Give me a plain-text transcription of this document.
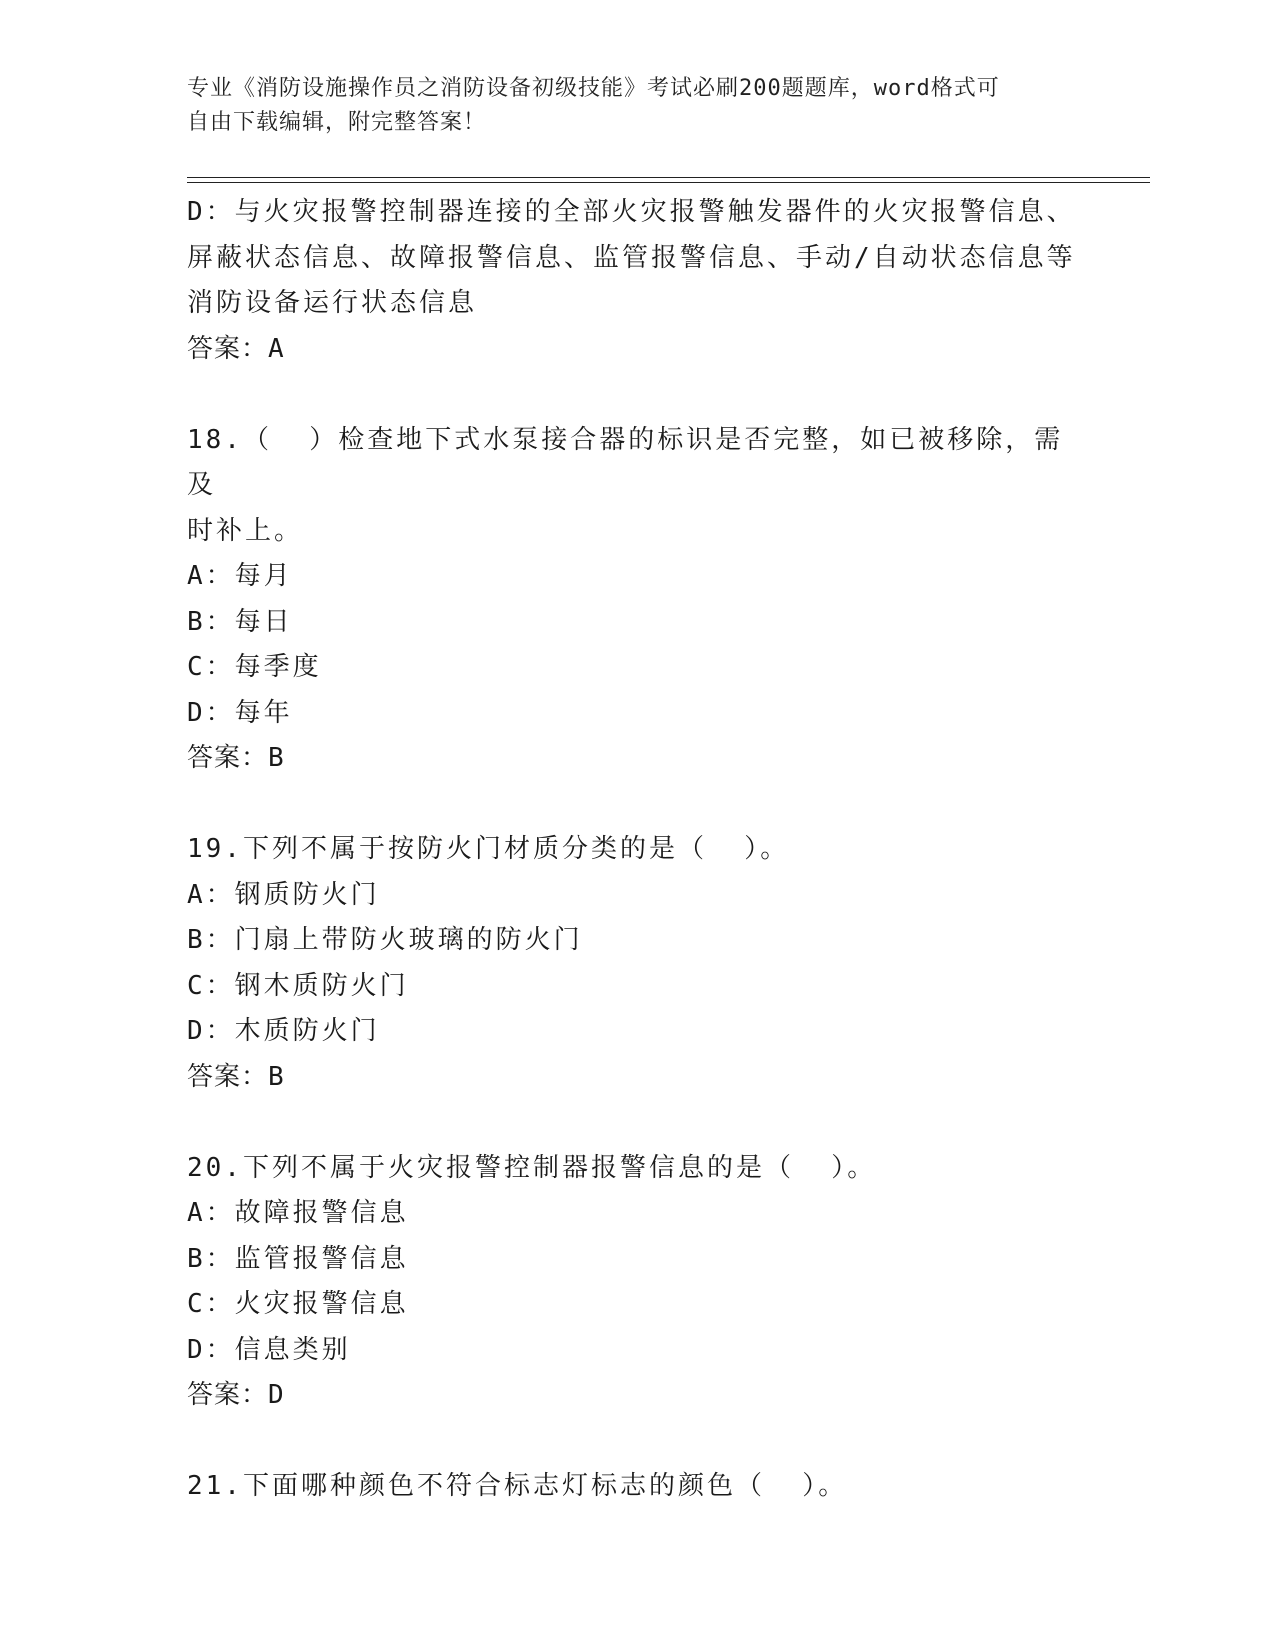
专业《消防设施操作员之消防设备初级技能》考试必刷200题题库，word格式可
自由下载编辑，附完整答案！
D：与火灾报警控制器连接的全部火灾报警触发器件的火灾报警信息、
屏蔽状态信息、故障报警信息、监管报警信息、手动/自动状态信息等
消防设备运行状态信息
答案：A
18.（  ）检查地下式水泵接合器的标识是否完整，如已被移除，需及
时补上。
A：每月
B：每日
C：每季度
D：每年
答案：B
19.下列不属于按防火门材质分类的是（  ）。
A：钢质防火门
B：门扇上带防火玻璃的防火门
C：钢木质防火门
D：木质防火门
答案：B
20.下列不属于火灾报警控制器报警信息的是（  ）。
A：故障报警信息
B：监管报警信息
C：火灾报警信息
D：信息类别
答案：D
21.下面哪种颜色不符合标志灯标志的颜色（  ）。
